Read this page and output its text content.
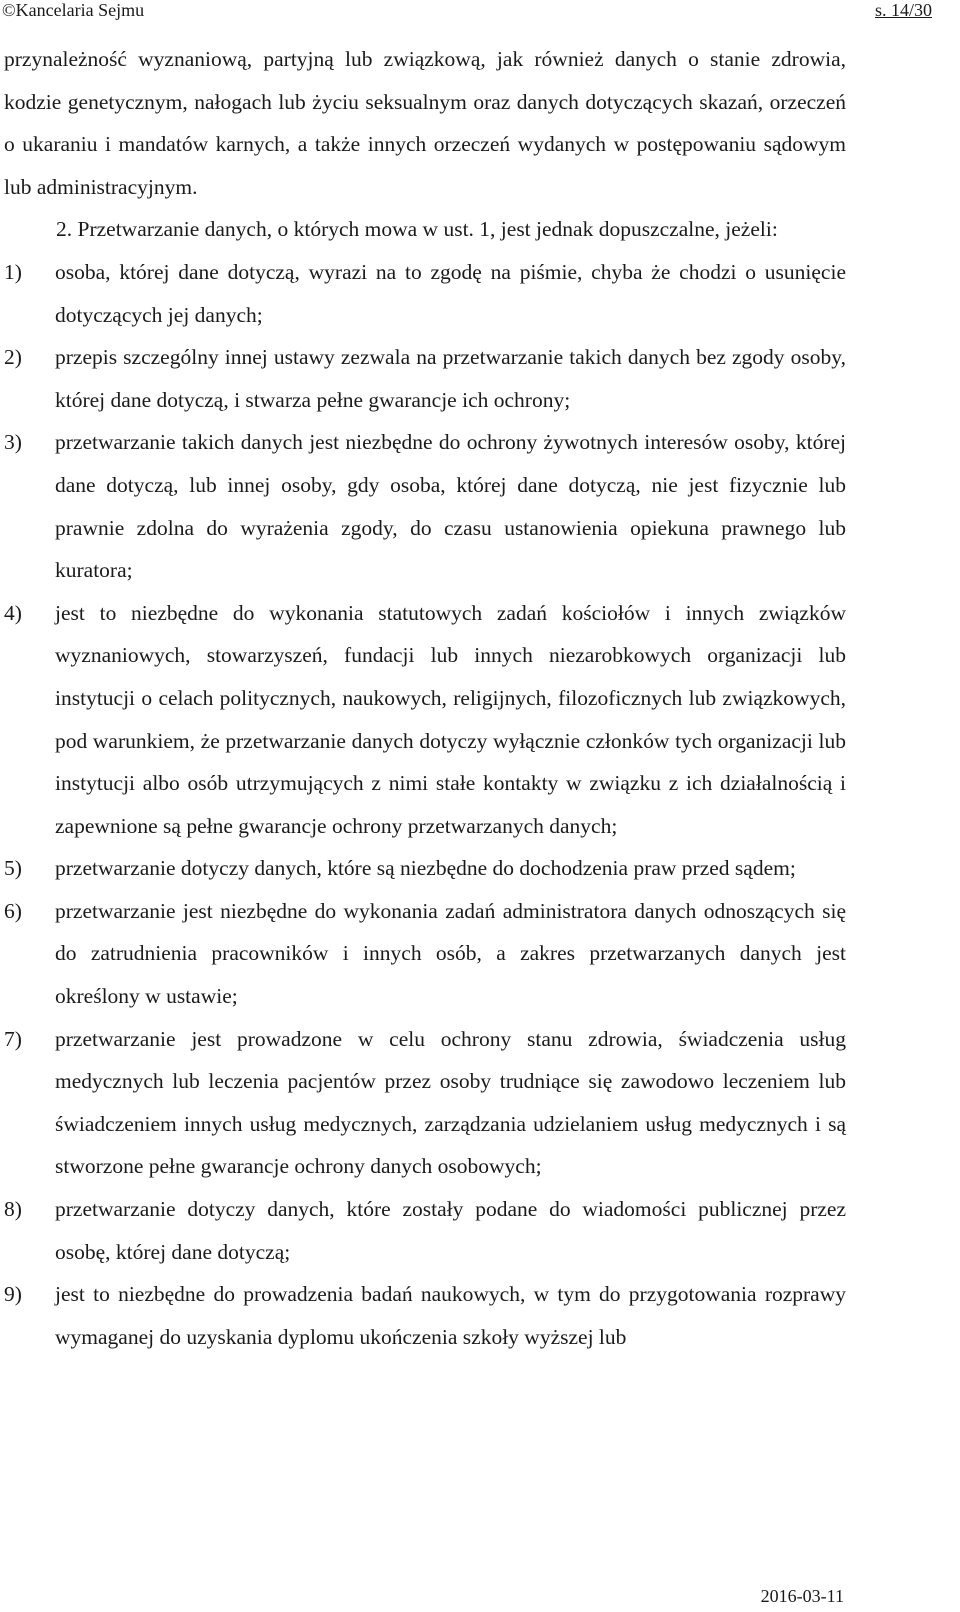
©Kancelaria Sejmu	s. 14/30

przynależność wyznaniową, partyjną lub związkową, jak również danych o stanie zdrowia, kodzie genetycznym, nałogach lub życiu seksualnym oraz danych dotyczących skazań, orzeczeń o ukaraniu i mandatów karnych, a także innych orzeczeń wydanych w postępowaniu sądowym lub administracyjnym.

2. Przetwarzanie danych, o których mowa w ust. 1, jest jednak dopuszczalne, jeżeli:

1) osoba, której dane dotyczą, wyrazi na to zgodę na piśmie, chyba że chodzi o usunięcie dotyczących jej danych;
2) przepis szczególny innej ustawy zezwala na przetwarzanie takich danych bez zgody osoby, której dane dotyczą, i stwarza pełne gwarancje ich ochrony;
3) przetwarzanie takich danych jest niezbędne do ochrony żywotnych interesów osoby, której dane dotyczą, lub innej osoby, gdy osoba, której dane dotyczą, nie jest fizycznie lub prawnie zdolna do wyrażenia zgody, do czasu ustanowienia opiekuna prawnego lub kuratora;
4) jest to niezbędne do wykonania statutowych zadań kościołów i innych związków wyznaniowych, stowarzyszeń, fundacji lub innych niezarobkowych organizacji lub instytucji o celach politycznych, naukowych, religijnych, filozoficznych lub związkowych, pod warunkiem, że przetwarzanie danych dotyczy wyłącznie członków tych organizacji lub instytucji albo osób utrzymujących z nimi stałe kontakty w związku z ich działalnością i zapewnione są pełne gwarancje ochrony przetwarzanych danych;
5) przetwarzanie dotyczy danych, które są niezbędne do dochodzenia praw przed sądem;
6) przetwarzanie jest niezbędne do wykonania zadań administratora danych odnoszących się do zatrudnienia pracowników i innych osób, a zakres przetwarzanych danych jest określony w ustawie;
7) przetwarzanie jest prowadzone w celu ochrony stanu zdrowia, świadczenia usług medycznych lub leczenia pacjentów przez osoby trudniące się zawodowo leczeniem lub świadczeniem innych usług medycznych, zarządzania udzielaniem usług medycznych i są stworzone pełne gwarancje ochrony danych osobowych;
8) przetwarzanie dotyczy danych, które zostały podane do wiadomości publicznej przez osobę, której dane dotyczą;
9) jest to niezbędne do prowadzenia badań naukowych, w tym do przygotowania rozprawy wymaganej do uzyskania dyplomu ukończenia szkoły wyższej lub
2016-03-11
